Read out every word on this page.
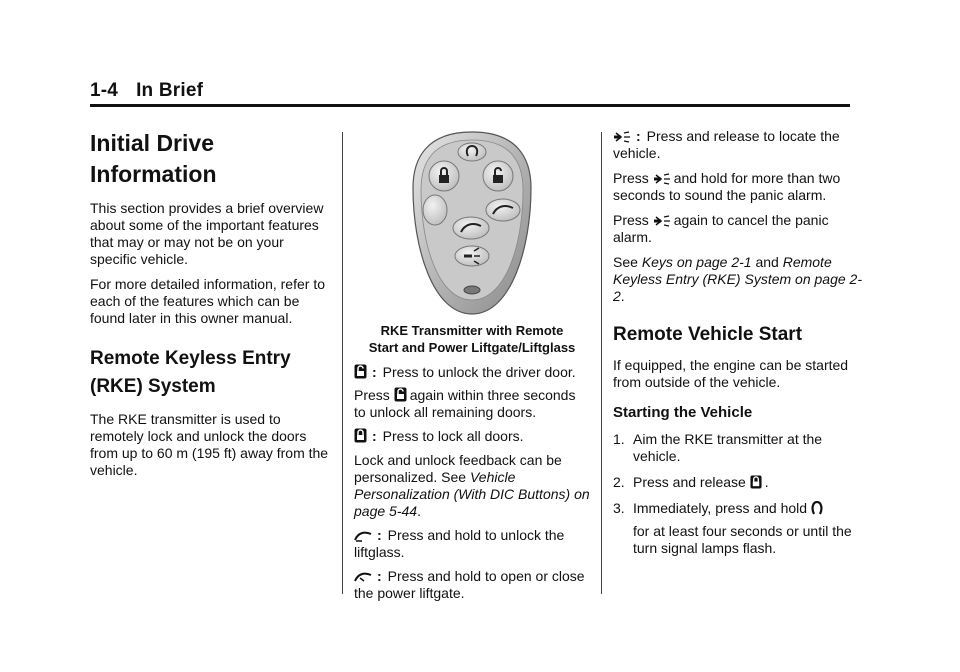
1-4 In Brief
Initial Drive Information
This section provides a brief overview about some of the important features that may or may not be on your specific vehicle.
For more detailed information, refer to each of the features which can be found later in this owner manual.
Remote Keyless Entry (RKE) System
The RKE transmitter is used to remotely lock and unlock the doors from up to 60 m (195 ft) away from the vehicle.
RKE Transmitter with Remote
Start and Power Liftgate/Liftglass
: Press to unlock the driver door.
Press again within three seconds to unlock all remaining doors.
: Press to lock all doors.
Lock and unlock feedback can be personalized. See Vehicle Personalization (With DIC Buttons) on page 5-44.
: Press and hold to unlock the liftglass.
: Press and hold to open or close the power liftgate.
: Press and release to locate the vehicle.
Press and hold for more than two seconds to sound the panic alarm.
Press again to cancel the panic alarm.
See Keys on page 2-1 and Remote Keyless Entry (RKE) System on page 2-2.
Remote Vehicle Start
If equipped, the engine can be started from outside of the vehicle.
Starting the Vehicle
1. Aim the RKE transmitter at the vehicle.
2. Press and release .
3. Immediately, press and hold
for at least four seconds or until the turn signal lamps flash.
